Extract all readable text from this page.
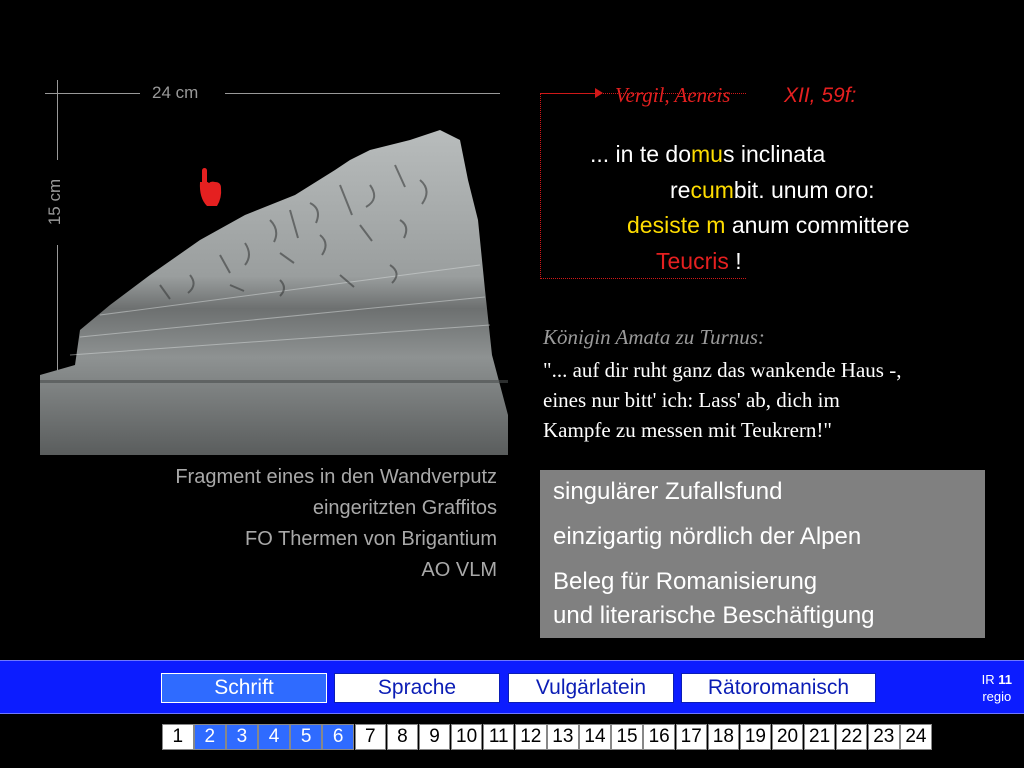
24 cm
15 cm
Fragment eines in den Wandverputz
eingeritzten Graffitos
FO Thermen von Brigantium
AO VLM
Vergil, Aeneis	XII, 59f:
... in te domus inclinata
recumbit. unum oro:
desiste m anum committere
Teucris !
Königin Amata zu Turnus:
"... auf dir ruht ganz das wankende Haus -,
eines nur bitt' ich: Lass' ab, dich im
Kampfe zu messen mit Teukrern!"
singulärer Zufallsfund
einzigartig nördlich der Alpen
Beleg für Romanisierung
und literarische Beschäftigung
Schrift	Sprache	Vulgärlatein	Rätoromanisch	IR 11
regio
1	2	3	4	5	6	7	8	9 10 11 12 13 14 15 16 17 18 19 20 21 22 23 24
